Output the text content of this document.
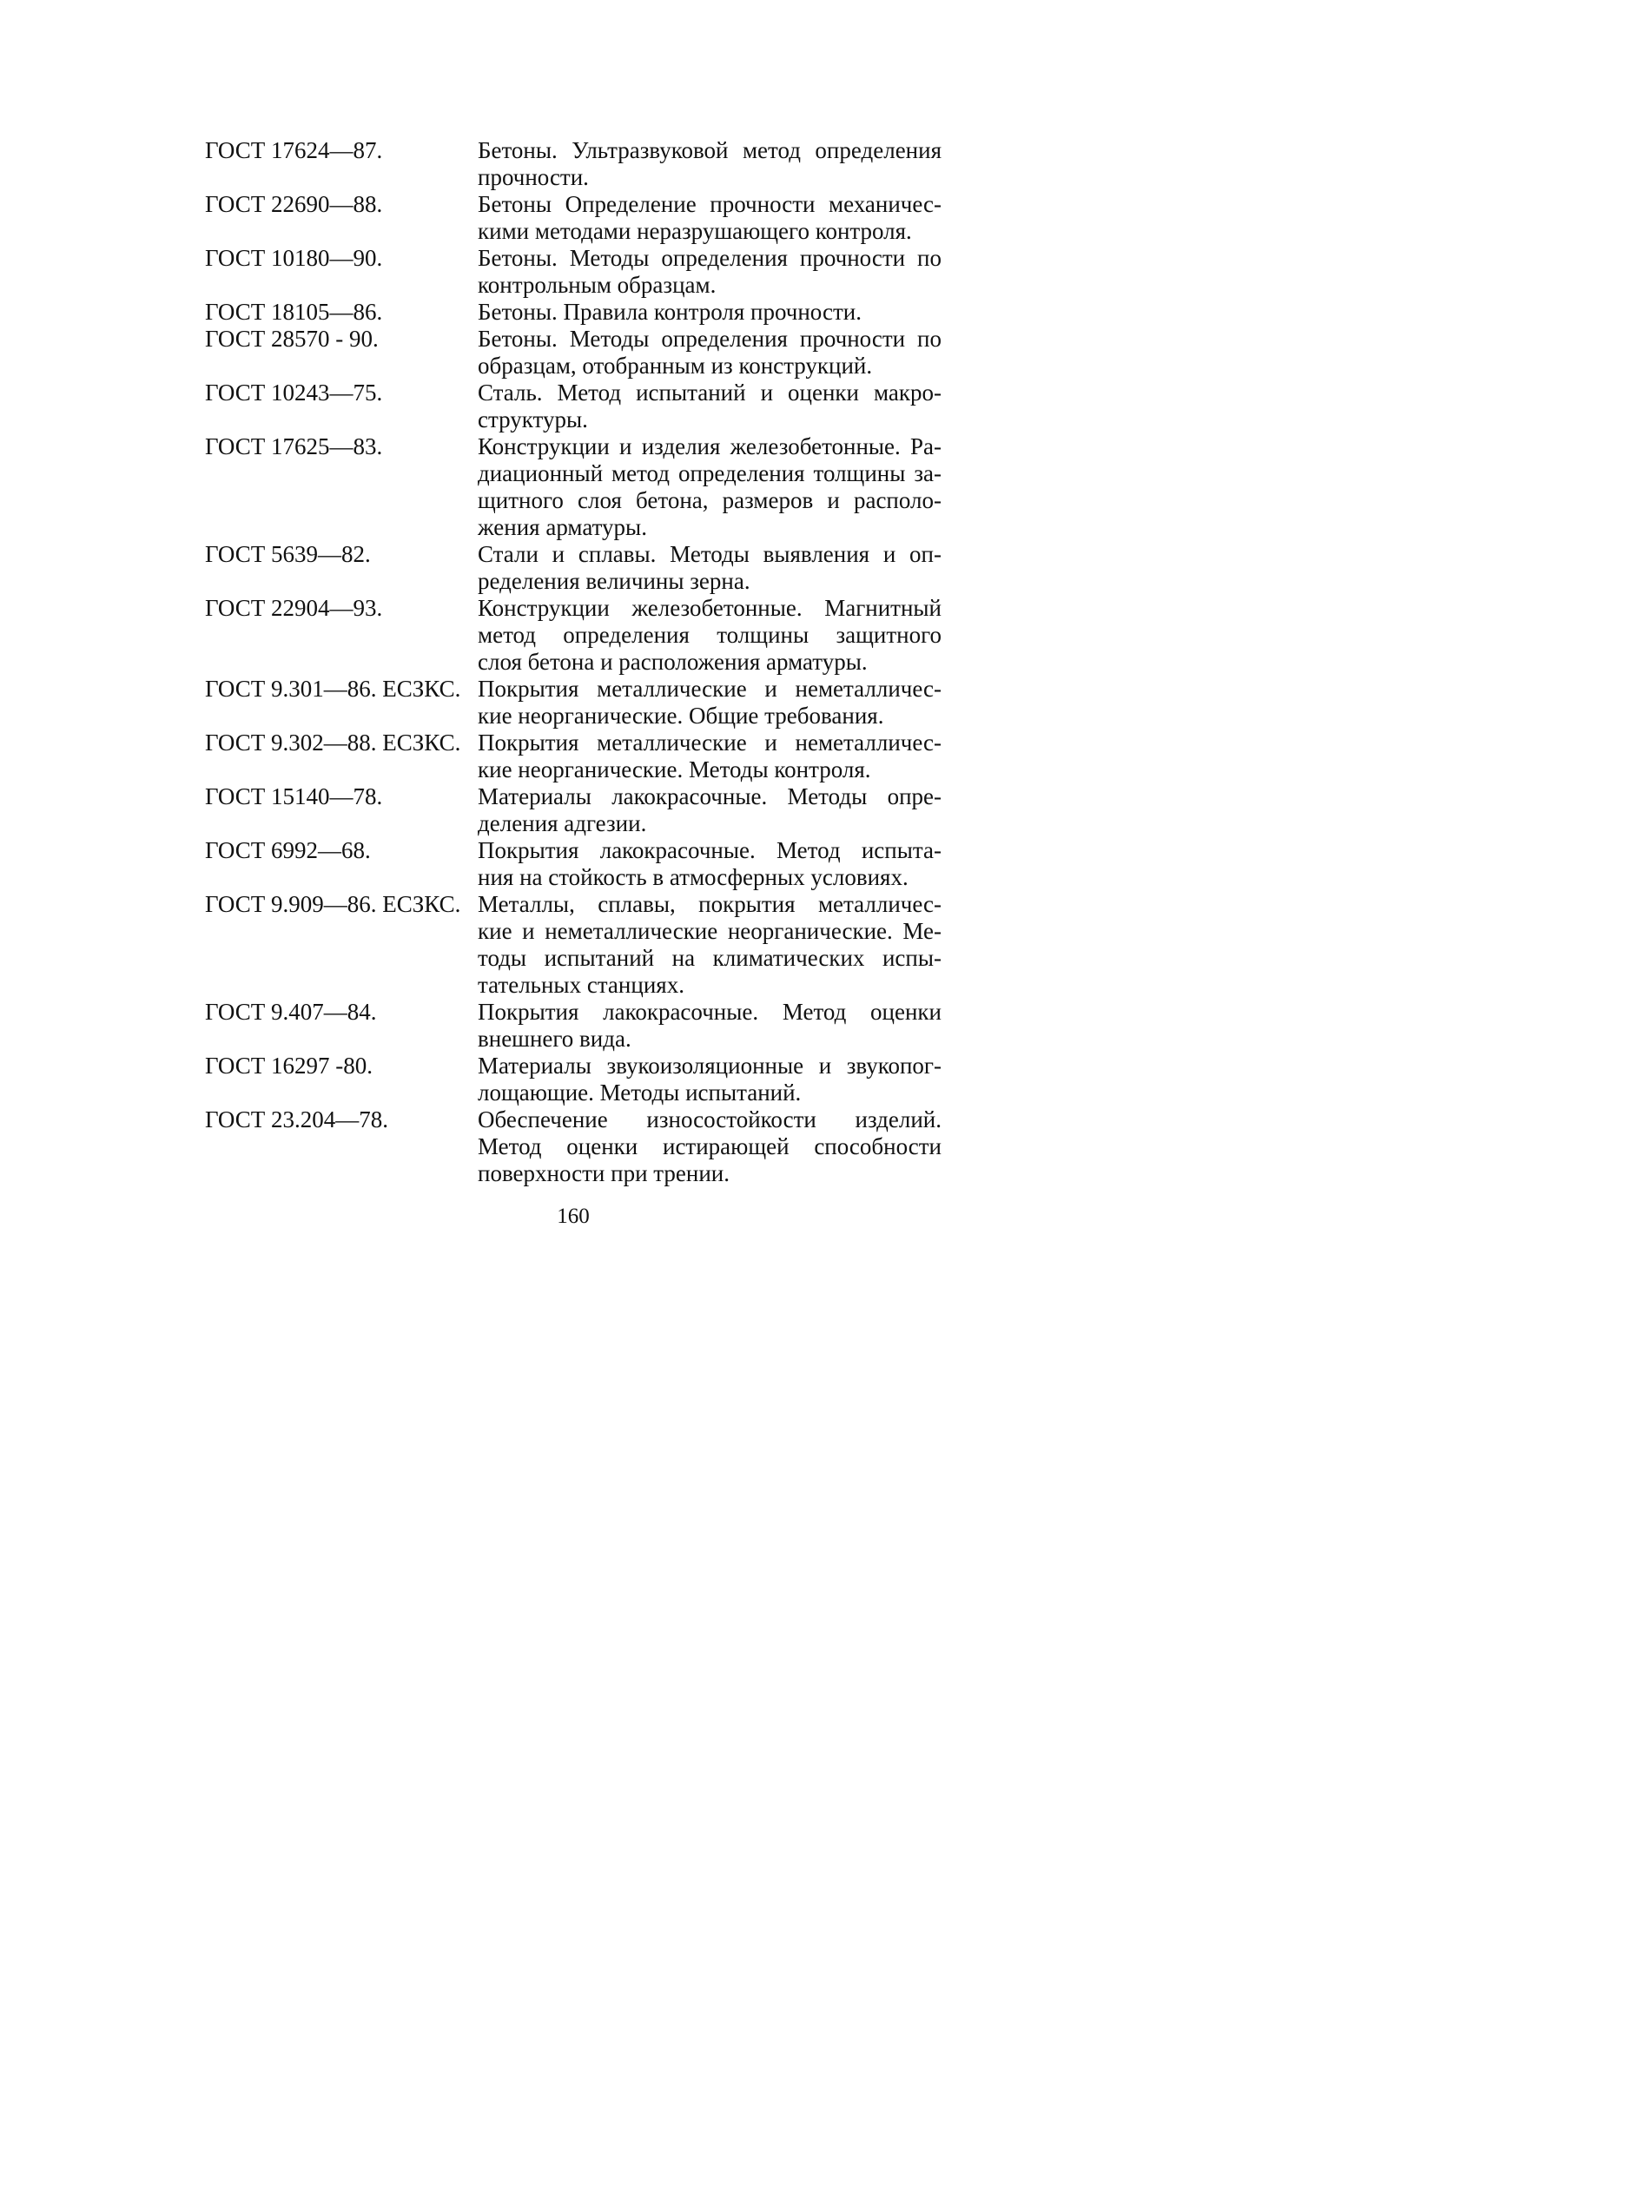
ГОСТ 17624—87.	Бетоны. Ультразвуковой метод определения
прочности.
ГОСТ 22690—88.	Бетоны Определение прочности механичес-
кими методами неразрушающего контроля.
ГОСТ 10180—90.	Бетоны. Методы определения прочности по
контрольным образцам.
ГОСТ 18105—86.	Бетоны. Правила контроля прочности.
ГОСТ 28570 - 90.	Бетоны. Методы определения прочности по
образцам, отобранным из конструкций.
ГОСТ 10243—75.	Сталь. Метод испытаний и оценки макро-
структуры.
ГОСТ 17625—83.	Конструкции и изделия железобетонные. Ра-
диационный метод определения толщины за-
щитного слоя бетона, размеров и располо-
жения арматуры.
ГОСТ 5639—82.	Стали и сплавы. Методы выявления и оп-
ределения величины зерна.
ГОСТ 22904—93.	Конструкции железобетонные. Магнитный
метод определения толщины защитного
слоя бетона и расположения арматуры.
ГОСТ 9.301—86. ЕСЗКС. Покрытия металлические и неметалличес-
кие неорганические. Общие требования.
ГОСТ 9.302—88. ЕСЗКС. Покрытия металлические и неметалличес-
кие неорганические. Методы контроля.
ГОСТ 15140—78.	Материалы лакокрасочные. Методы опре-
деления адгезии.
ГОСТ 6992—68.	Покрытия лакокрасочные. Метод испыта-
ния на стойкость в атмосферных условиях.
ГОСТ 9.909—86. ЕСЗКС. Металлы, сплавы, покрытия металличес-
кие и неметаллические неорганические. Ме-
тоды испытаний на климатических испы-
тательных станциях.
ГОСТ 9.407—84.	Покрытия лакокрасочные. Метод оценки
внешнего вида.
ГОСТ 16297 -80.	Материалы звукоизоляционные и звукопог-
лощающие. Методы испытаний.
ГОСТ 23.204—78.	Обеспечение износостойкости изделий.
Метод оценки истирающей способности
поверхности при трении.
160
